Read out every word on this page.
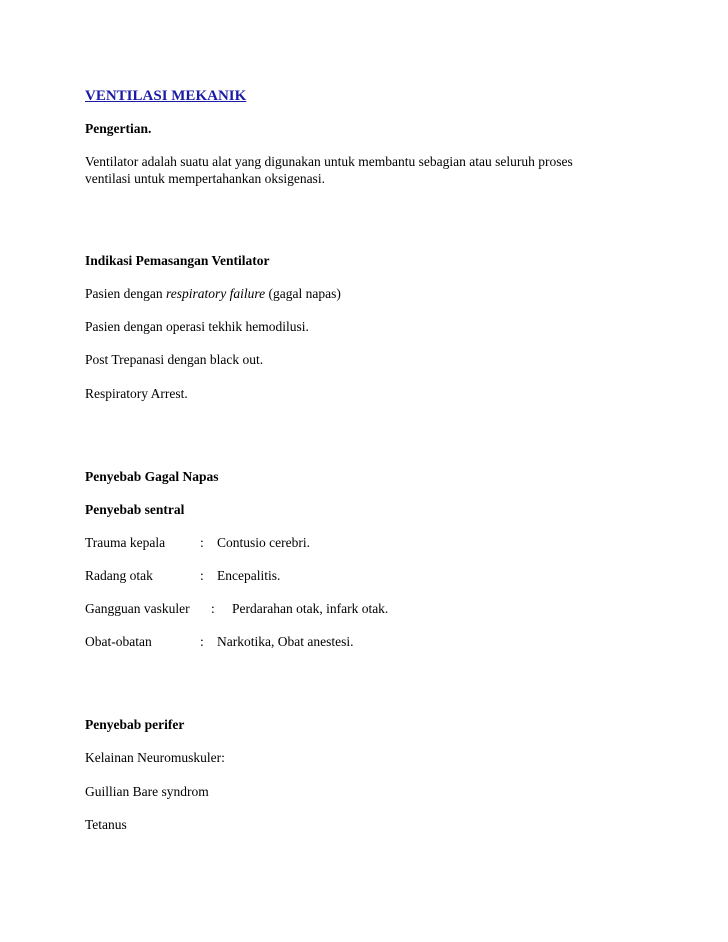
VENTILASI MEKANIK
Pengertian.
Ventilator adalah suatu alat yang digunakan untuk membantu sebagian atau seluruh proses
ventilasi untuk mempertahankan oksigenasi.
Indikasi Pemasangan Ventilator
Pasien dengan respiratory failure (gagal napas)
Pasien dengan operasi tekhik hemodilusi.
Post Trepanasi dengan black out.
Respiratory Arrest.
Penyebab Gagal Napas
Penyebab sentral
Trauma kepala	: Contusio cerebri.
Radang otak	: Encepalitis.
Gangguan vaskuler : Perdarahan otak, infark otak.
Obat-obatan	: Narkotika, Obat anestesi.
Penyebab perifer
Kelainan Neuromuskuler:
Guillian Bare syndrom
Tetanus
